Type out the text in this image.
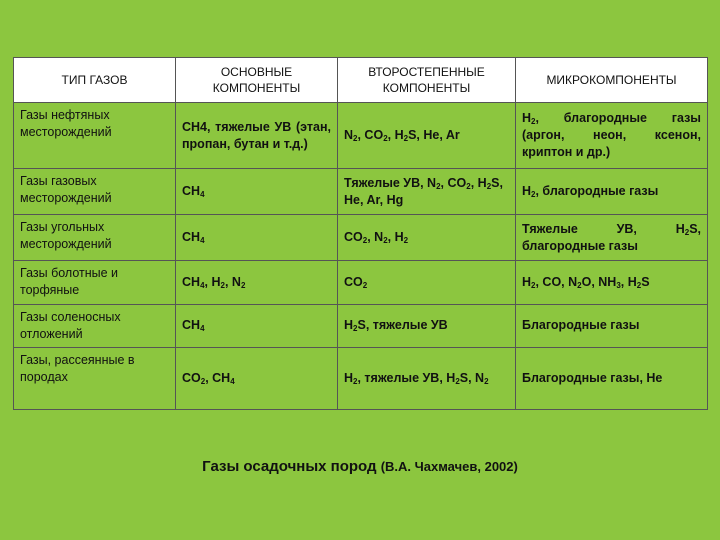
ТИП ГАЗОВ	ОСНОВНЫЕ КОМПОНЕНТЫ	ВТОРОСТЕПЕННЫЕ КОМПОНЕНТЫ	МИКРОКОМПОНЕНТЫ
Газы нефтяных месторождений	CH4, тяжелые УВ (этан, пропан, бутан и т.д.)	$N_2$, $CO_2$, $H_2S$, He, Ar	$H_2$, благородные газы (аргон, неон, ксенон, криптон и др.)
Газы газовых месторождений	$CH_4$	Тяжелые УВ, $N_2$, $CO_2$, $H_2S$, He, Ar, Hg	$H_2$, благородные газы
Газы угольных месторождений	$CH_4$	$CO_2$, $N_2$, $H_2$	Тяжелые УВ, $H_2S$, благородные газы
Газы болотные и торфяные	$CH_4$, $H_2$, $N_2$	$CO_2$	$H_2$, CO, $N_2O$, $NH_3$, $H_2S$
Газы соленосных отложений	$CH_4$	$H_2S$, тяжелые УВ	Благородные газы
Газы, рассеянные в породах	$CO_2$, $CH_4$	$H_2$, тяжелые УВ, $H_2S$, $N_2$	Благородные газы, He
Газы осадочных пород (В.А. Чахмачев, 2002)
